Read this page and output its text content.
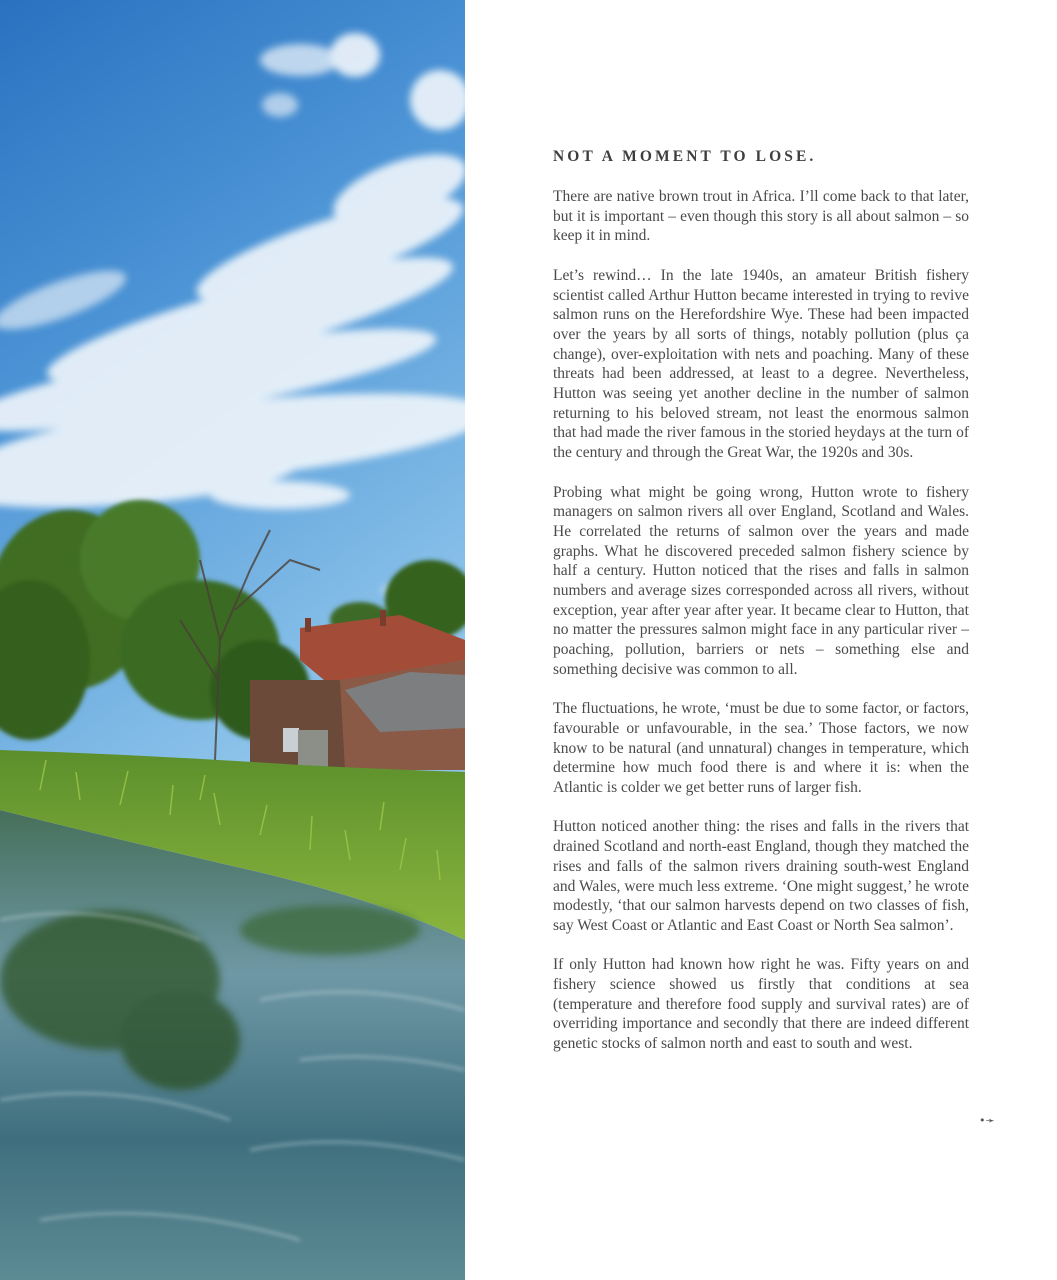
NOT A MOMENT TO LOSE.

There are native brown trout in Africa. I’ll come back to that later, but it is important – even though this story is all about salmon – so keep it in mind.

Let’s rewind… In the late 1940s, an amateur British fishery scientist called Arthur Hutton became interested in trying to revive salmon runs on the Herefordshire Wye. These had been impacted over the years by all sorts of things, notably pollution (plus ça change), over-exploitation with nets and poaching. Many of these threats had been addressed, at least to a degree. Nevertheless, Hutton was seeing yet another decline in the number of salmon returning to his beloved stream, not least the enormous salmon that had made the river famous in the storied heydays at the turn of the century and through the Great War, the 1920s and 30s.

Probing what might be going wrong, Hutton wrote to fishery managers on salmon rivers all over England, Scotland and Wales. He correlated the returns of salmon over the years and made graphs. What he discovered preceded salmon fishery science by half a century. Hutton noticed that the rises and falls in salmon numbers and average sizes corresponded across all rivers, without exception, year after year after year. It became clear to Hutton, that no matter the pressures salmon might face in any particular river – poaching, pollution, barriers or nets – something else and something decisive was common to all.

The fluctuations, he wrote, ‘must be due to some factor, or factors, favourable or unfavourable, in the sea.’ Those factors, we now know to be natural (and unnatural) changes in temperature, which determine how much food there is and where it is: when the Atlantic is colder we get better runs of larger fish.

Hutton noticed another thing: the rises and falls in the rivers that drained Scotland and north-east England, though they matched the rises and falls of the salmon rivers draining south-west England and Wales, were much less extreme. ‘One might suggest,’ he wrote modestly, ‘that our salmon harvests depend on two classes of fish, say West Coast or Atlantic and East Coast or North Sea salmon’.

If only Hutton had known how right he was. Fifty years on and fishery science showed us firstly that conditions at sea (temperature and therefore food supply and survival rates) are of overriding importance and secondly that there are indeed different genetic stocks of salmon north and east to south and west.

•➛
